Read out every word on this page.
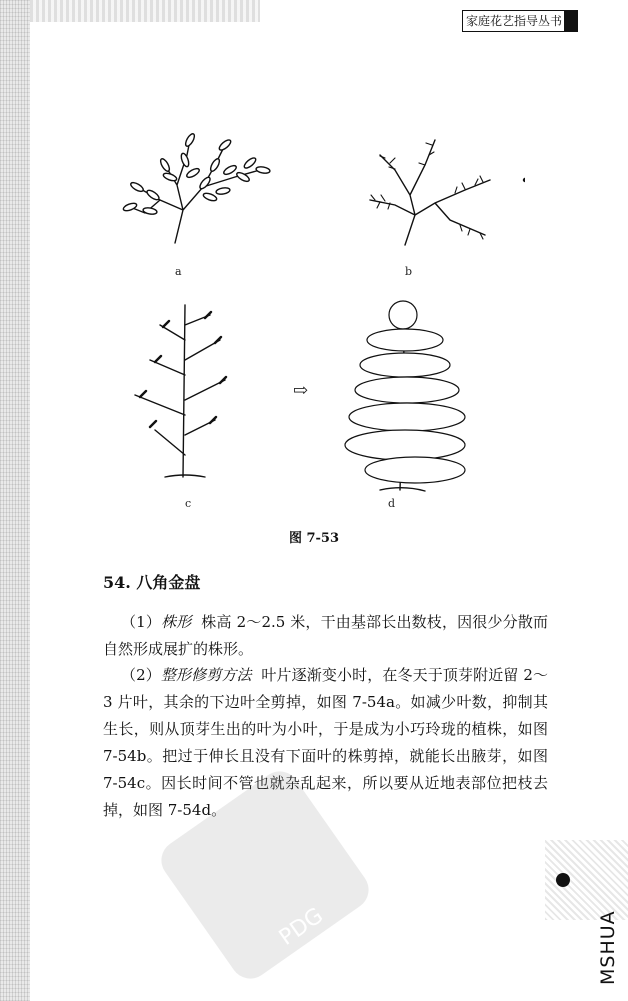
家庭花艺指导丛书
a	b
c	d
⇨
图 7-53
54. 八角金盘
（1）株形 株高 2～2.5 米，干由基部长出数枝，因很少分散而自然形成展扩的株形。
（2）整形修剪方法 叶片逐渐变小时，在冬天于顶芽附近留 2～3 片叶，其余的下边叶全剪掉，如图 7-54a。如减少叶数，抑制其生长，则从顶芽生出的叶为小叶，于是成为小巧玲珑的植株，如图 7-54b。把过于伸长且没有下面叶的株剪掉，就能长出腋芽，如图 7-54c。因长时间不管也就杂乱起来，所以要从近地表部位把枝去掉，如图 7-54d。
PDG	MSHUA
